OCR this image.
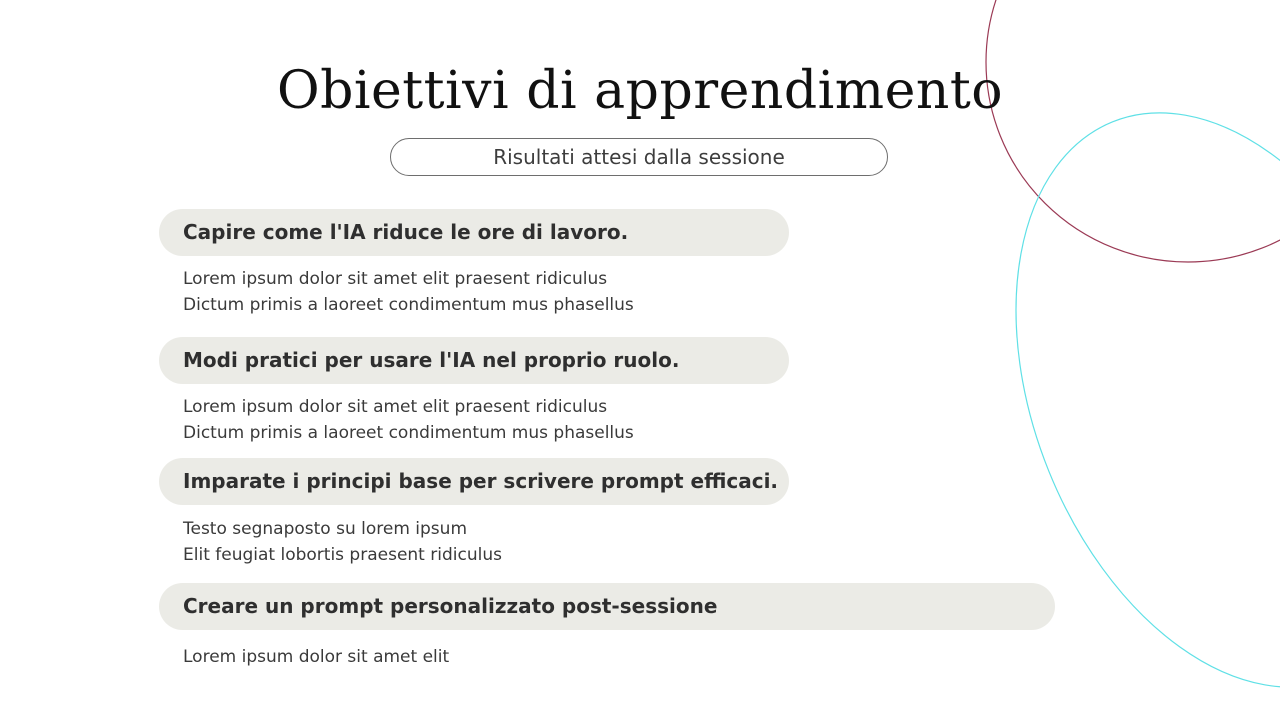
Obiettivi di apprendimento
Risultati attesi dalla sessione
Capire come l'IA riduce le ore di lavoro.
Lorem ipsum dolor sit amet elit praesent ridiculus
Dictum primis a laoreet condimentum mus phasellus
Modi pratici per usare l'IA nel proprio ruolo.
Lorem ipsum dolor sit amet elit praesent ridiculus
Dictum primis a laoreet condimentum mus phasellus
Imparate i principi base per scrivere prompt efficaci.
Testo segnaposto su lorem ipsum
Elit feugiat lobortis praesent ridiculus
Creare un prompt personalizzato post-sessione
Lorem ipsum dolor sit amet elit
